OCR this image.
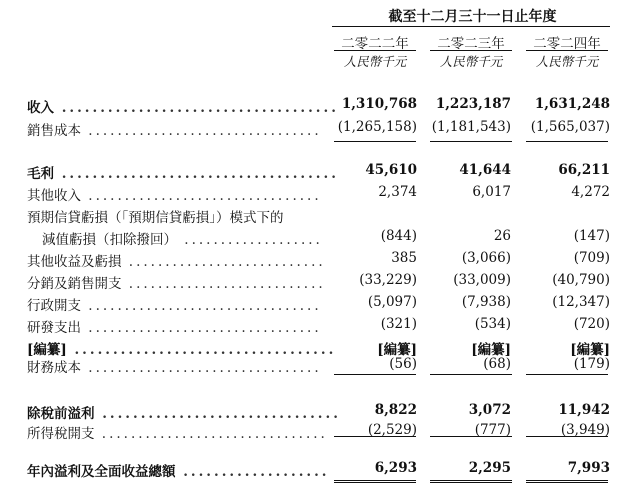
截至十二月三十一日止年度
二零二二年	二零二三年	二零二四年
人民幣千元	人民幣千元	人民幣千元
收入 .................................... 1,310,768 1,223,187 1,631,248
銷售成本 ................................ (1,265,158) (1,181,543) (1,565,037)
毛利 .................................... 45,610	41,644	66,211
其他收入 ................................	2,374	6,017	4,272
預期信貸虧損（「預期信貸虧損」）模式下的
減值虧損（扣除撥回） ...................	(844)	26	(147)
其他收益及虧損 ...........................	385	(3,066)	(709)
分銷及銷售開支 ........................... (33,229)	(33,009)	(40,790)
行政開支 ................................	(5,097)	(7,938)	(12,347)
研發支出 ................................	(321)	(534)	(720)
[編纂] ..................................	[編纂]	[編纂]	[編纂]
財務成本 ................................	(56)	(68)	(179)
除稅前溢利 ...............................	8,822	3,072	11,942
所得稅開支 ...............................	(2,529)	(777)	(3,949)
年內溢利及全面收益總額 ...................	6,293	2,295	7,993
